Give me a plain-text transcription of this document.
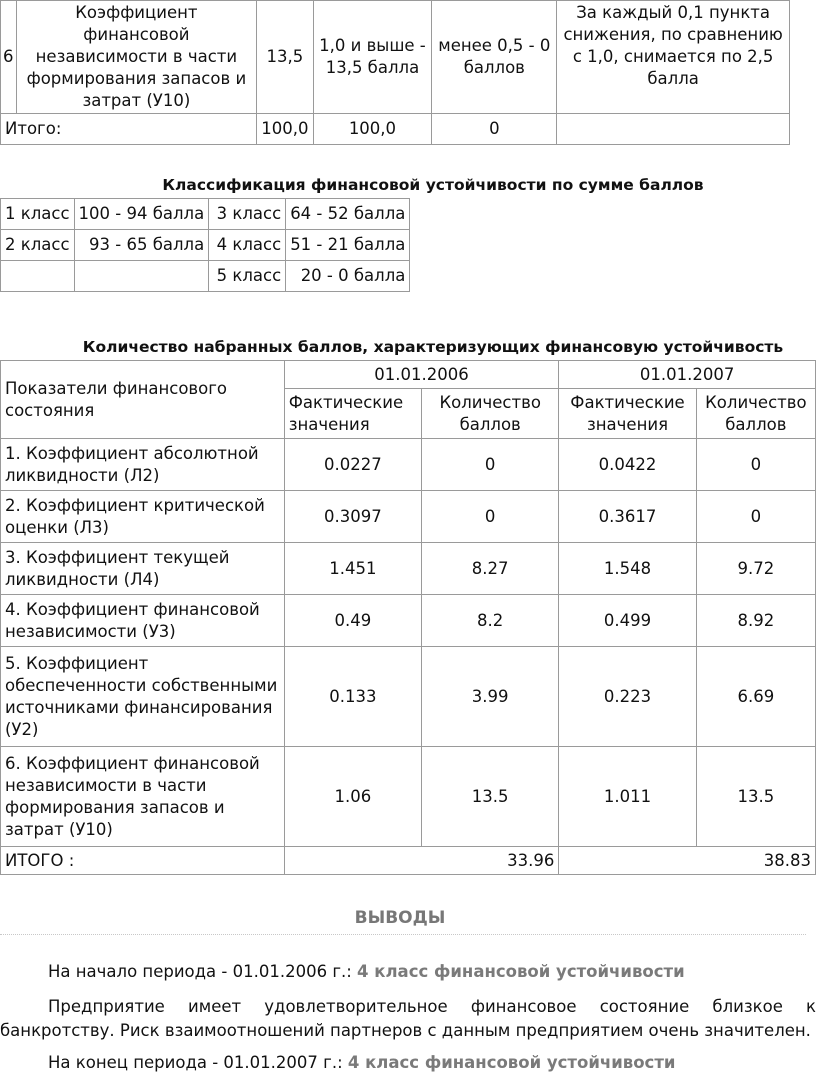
6	Коэффициент финансовой независимости в части формирования запасов и затрат (У10)	13,5	1,0 и выше - 13,5 балла	менее 0,5 - 0 баллов	За каждый 0,1 пункта снижения, по сравнению с 1,0, снимается по 2,5 балла
Итого:		100,0	100,0	0	
Классификация финансовой устойчивости по сумме баллов
1 класс	100 - 94 балла	3 класс	64 - 52 балла
2 класс	93 - 65 балла	4 класс	51 - 21 балла
		5 класс	20 - 0 балла
Количество набранных баллов, характеризующих финансовую устойчивость
Показатели финансового состояния	01.01.2006		01.01.2007	
	Фактические значения	Количество баллов	Фактические значения	Количество баллов
1. Коэффициент абсолютной ликвидности (Л2)	0.0227	0	0.0422	0
2. Коэффициент критической оценки (Л3)	0.3097	0	0.3617	0
3. Коэффициент текущей ликвидности (Л4)	1.451	8.27	1.548	9.72
4. Коэффициент финансовой независимости (У3)	0.49	8.2	0.499	8.92
5. Коэффициент обеспеченности собственными источниками финансирования (У2)	0.133	3.99	0.223	6.69
6. Коэффициент финансовой независимости в части формирования запасов и затрат (У10)	1.06	13.5	1.011	13.5
ИТОГО :	33.96		38.83	
ВЫВОДЫ
На начало периода - 01.01.2006 г.: 4 класс финансовой устойчивости
Предприятие имеет удовлетворительное финансовое состояние близкое к
банкротству. Риск взаимоотношений партнеров с данным предприятием очень значителен.
На конец периода - 01.01.2007 г.: 4 класс финансовой устойчивости
